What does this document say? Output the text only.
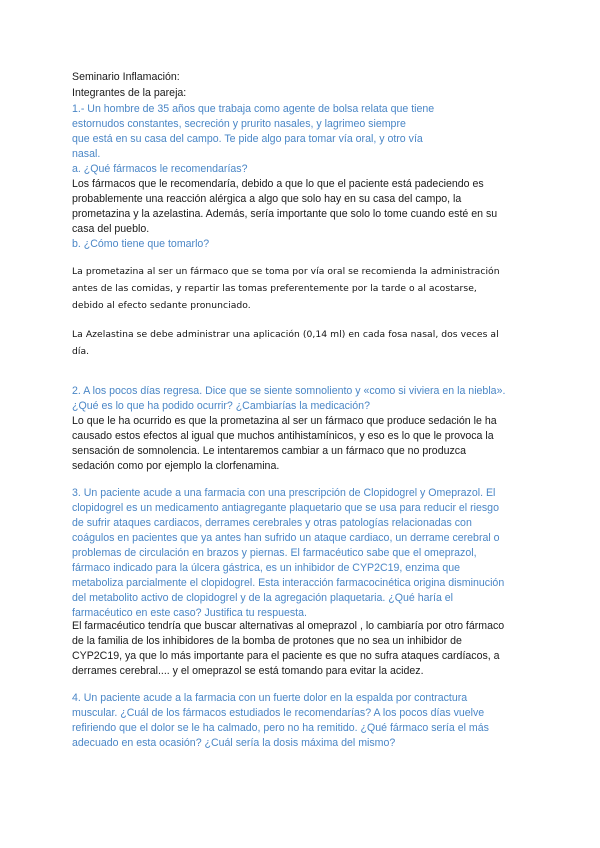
Seminario Inflamación:
Integrantes de la pareja:
1.- Un hombre de 35 años que trabaja como agente de bolsa relata que tiene
estornudos constantes, secreción y prurito nasales, y lagrimeo siempre
que está en su casa del campo. Te pide algo para tomar vía oral, y otro vía
nasal.
a. ¿Qué fármacos le recomendarías?
Los fármacos que le recomendaría, debido a que lo que el paciente está padeciendo es
probablemente una reacción alérgica a algo que solo hay en su casa del campo, la
prometazina y la azelastina. Además, sería importante que solo lo tome cuando esté en su
casa del pueblo.
b. ¿Cómo tiene que tomarlo?
La prometazina al ser un fármaco que se toma por vía oral se recomienda la administración
antes de las comidas, y repartir las tomas preferentemente por la tarde o al acostarse,
debido al efecto sedante pronunciado.
La Azelastina se debe administrar una aplicación (0,14 ml) en cada fosa nasal, dos veces al
día.
2. A los pocos días regresa. Dice que se siente somnoliento y «como si viviera en la niebla».
¿Qué es lo que ha podido ocurrir? ¿Cambiarías la medicación?
Lo que le ha ocurrido es que la prometazina al ser un fármaco que produce sedación le ha
causado estos efectos al igual que muchos antihistamínicos, y eso es lo que le provoca la
sensación de somnolencia. Le intentaremos cambiar a un fármaco que no produzca
sedación como por ejemplo la clorfenamina.
3. Un paciente acude a una farmacia con una prescripción de Clopidogrel y Omeprazol. El
clopidogrel es un medicamento antiagregante plaquetario que se usa para reducir el riesgo
de sufrir ataques cardiacos, derrames cerebrales y otras patologías relacionadas con
coágulos en pacientes que ya antes han sufrido un ataque cardiaco, un derrame cerebral o
problemas de circulación en brazos y piernas. El farmacéutico sabe que el omeprazol,
fármaco indicado para la úlcera gástrica, es un inhibidor de CYP2C19, enzima que
metaboliza parcialmente el clopidogrel. Esta interacción farmacocinética origina disminución
del metabolito activo de clopidogrel y de la agregación plaquetaria. ¿Qué haría el
farmacéutico en este caso? Justifica tu respuesta.
El farmacéutico tendría que buscar alternativas al omeprazol , lo cambiaría por otro fármaco
de la familia de los inhibidores de la bomba de protones que no sea un inhibidor de
CYP2C19, ya que lo más importante para el paciente es que no sufra ataques cardíacos, a
derrames cerebral.... y el omeprazol se está tomando para evitar la acidez.
4. Un paciente acude a la farmacia con un fuerte dolor en la espalda por contractura
muscular. ¿Cuál de los fármacos estudiados le recomendarías? A los pocos días vuelve
refiriendo que el dolor se le ha calmado, pero no ha remitido. ¿Qué fármaco sería el más
adecuado en esta ocasión? ¿Cuál sería la dosis máxima del mismo?
